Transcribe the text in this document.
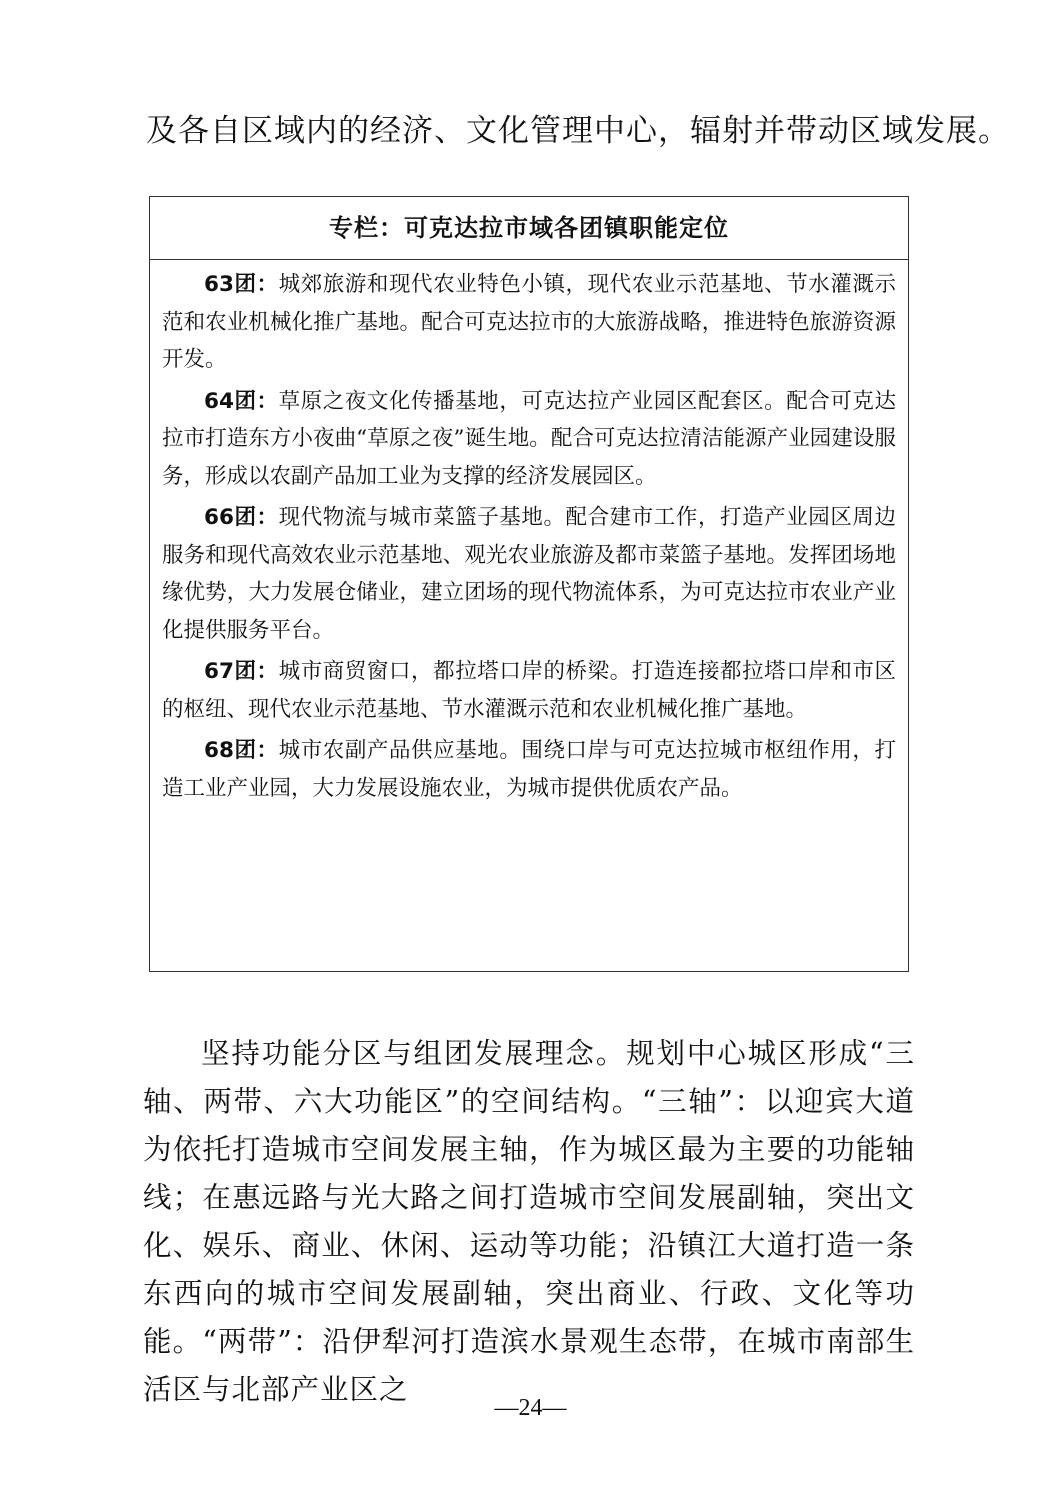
及各自区域内的经济、文化管理中心，辐射并带动区域发展。
专栏：可克达拉市域各团镇职能定位

63团：城郊旅游和现代农业特色小镇，现代农业示范基地、节水灌溉示范和农业机械化推广基地。配合可克达拉市的大旅游战略，推进特色旅游资源开发。

64团：草原之夜文化传播基地，可克达拉产业园区配套区。配合可克达拉市打造东方小夜曲“草原之夜”诞生地。配合可克达拉清洁能源产业园建设服务，形成以农副产品加工业为支撑的经济发展园区。

66团：现代物流与城市菜篮子基地。配合建市工作，打造产业园区周边服务和现代高效农业示范基地、观光农业旅游及都市菜篮子基地。发挥团场地缘优势，大力发展仓储业，建立团场的现代物流体系，为可克达拉市农业产业化提供服务平台。

67团：城市商贸窗口，都拉塔口岸的桥梁。打造连接都拉塔口岸和市区的枢纽、现代农业示范基地、节水灌溉示范和农业机械化推广基地。

68团：城市农副产品供应基地。围绕口岸与可克达拉城市枢纽作用，打造工业产业园，大力发展设施农业，为城市提供优质农产品。

坚持功能分区与组团发展理念。规划中心城区形成“三轴、两带、六大功能区”的空间结构。“三轴”：以迎宾大道为依托打造城市空间发展主轴，作为城区最为主要的功能轴线；在惠远路与光大路之间打造城市空间发展副轴，突出文化、娱乐、商业、休闲、运动等功能；沿镇江大道打造一条东西向的城市空间发展副轴，突出商业、行政、文化等功能。“两带”：沿伊犁河打造滨水景观生态带，在城市南部生活区与北部产业区之

—24—
